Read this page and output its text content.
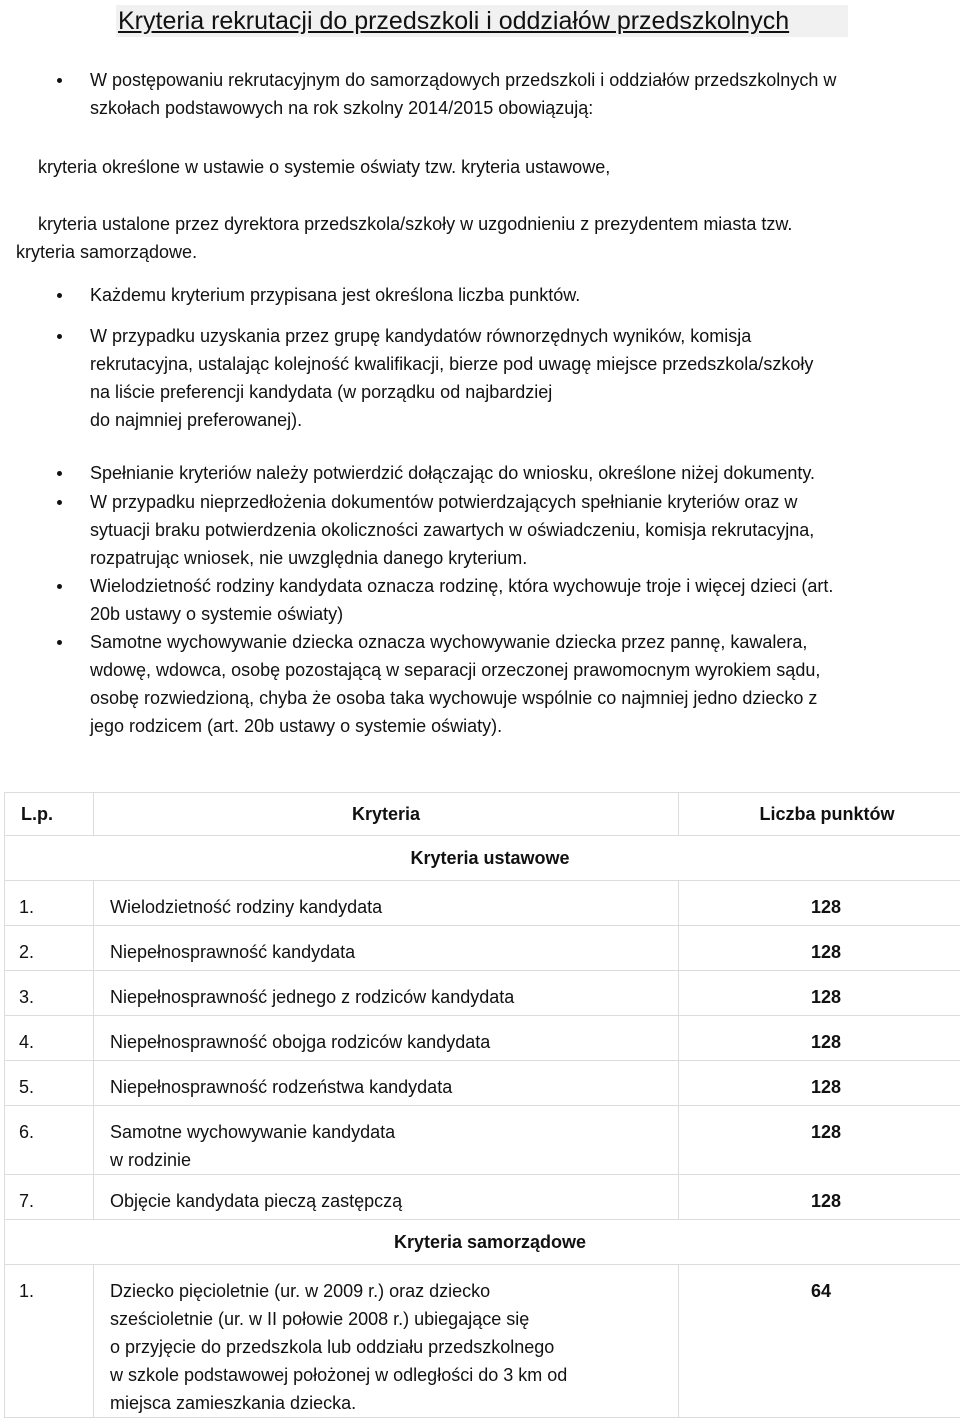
Kryteria rekrutacji do przedszkoli i oddziałów przedszkolnych

W postępowaniu rekrutacyjnym do samorządowych przedszkoli i oddziałów przedszkolnych w
szkołach podstawowych na rok szkolny 2014/2015 obowiązują:

kryteria określone w ustawie o systemie oświaty tzw. kryteria ustawowe,

kryteria ustalone przez dyrektora przedszkola/szkoły w uzgodnieniu z prezydentem miasta tzw.
kryteria samorządowe.

Każdemu kryterium przypisana jest określona liczba punktów.

W przypadku uzyskania przez grupę kandydatów równorzędnych wyników, komisja
rekrutacyjna, ustalając kolejność kwalifikacji, bierze pod uwagę miejsce przedszkola/szkoły
na liście preferencji kandydata (w porządku od najbardziej
do najmniej preferowanej).

Spełnianie kryteriów należy potwierdzić dołączając do wniosku, określone niżej dokumenty.

W przypadku nieprzedłożenia dokumentów potwierdzających spełnianie kryteriów oraz w
sytuacji braku potwierdzenia okoliczności zawartych w oświadczeniu, komisja rekrutacyjna,
rozpatrując wniosek, nie uwzględnia danego kryterium.

Wielodzietność rodziny kandydata oznacza rodzinę, która wychowuje troje i więcej dzieci (art.
20b ustawy o systemie oświaty)

Samotne wychowywanie dziecka oznacza wychowywanie dziecka przez pannę, kawalera,
wdowę, wdowca, osobę pozostającą w separacji orzeczonej prawomocnym wyrokiem sądu,
osobę rozwiedzioną, chyba że osoba taka wychowuje wspólnie co najmniej jedno dziecko z
jego rodzicem (art. 20b ustawy o systemie oświaty).

L.p.	Kryteria	Liczba punktów
Kryteria ustawowe		

1.	Wielodzietność rodziny kandydata	128

2.	Niepełnosprawność kandydata	128

3.	Niepełnosprawność jednego z rodziców kandydata	128

4.	Niepełnosprawność obojga rodziców kandydata	128

5.	Niepełnosprawność rodzeństwa kandydata	128

6.	Samotne wychowywanie kandydata
w rodzinie	128

7.	Objęcie kandydata pieczą zastępczą	128

Kryteria samorządowe		

1.	Dziecko pięcioletnie (ur. w 2009 r.) oraz dziecko
sześcioletnie (ur. w II połowie 2008 r.) ubiegające się
o przyjęcie do przedszkola lub oddziału przedszkolnego
w szkole podstawowej położonej w odległości do 3 km od
miejsca zamieszkania dziecka.	64
